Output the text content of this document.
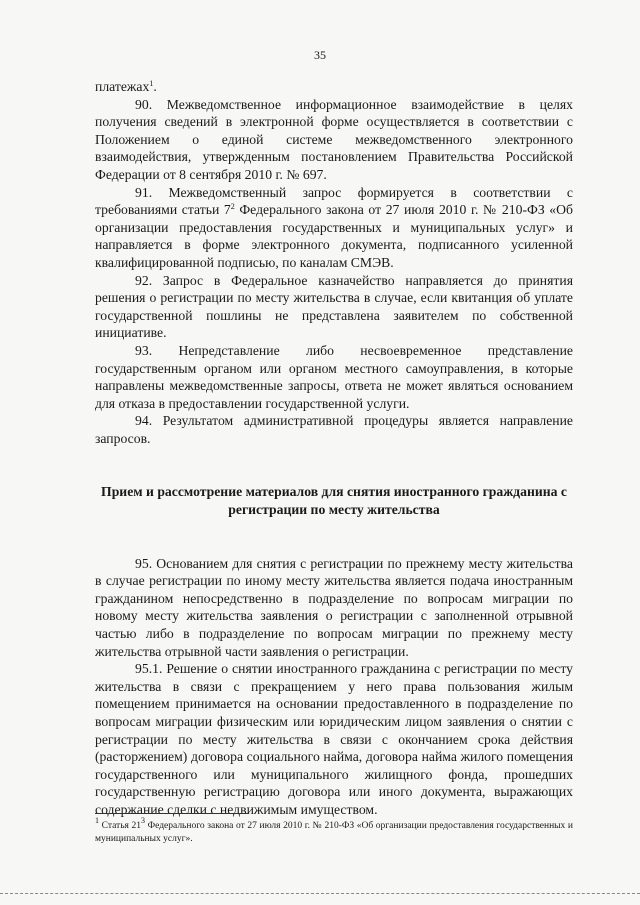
35

платежах$^1$.

90. Межведомственное информационное взаимодействие в целях получения сведений в электронной форме осуществляется в соответствии с Положением о единой системе межведомственного электронного взаимодействия, утвержденным постановлением Правительства Российской Федерации от 8 сентября 2010 г. № 697.

91. Межведомственный запрос формируется в соответствии с требованиями статьи $7^2$ Федерального закона от 27 июля 2010 г. № 210-ФЗ «Об организации предоставления государственных и муниципальных услуг» и направляется в форме электронного документа, подписанного усиленной квалифицированной подписью, по каналам СМЭВ.

92. Запрос в Федеральное казначейство направляется до принятия решения о регистрации по месту жительства в случае, если квитанция об уплате государственной пошлины не представлена заявителем по собственной инициативе.

93. Непредставление либо несвоевременное представление государственным органом или органом местного самоуправления, в которые направлены межведомственные запросы, ответа не может являться основанием для отказа в предоставлении государственной услуги.

94. Результатом административной процедуры является направление запросов.

Прием и рассмотрение материалов для снятия иностранного гражданина с регистрации по месту жительства

95. Основанием для снятия с регистрации по прежнему месту жительства в случае регистрации по иному месту жительства является подача иностранным гражданином непосредственно в подразделение по вопросам миграции по новому месту жительства заявления о регистрации с заполненной отрывной частью либо в подразделение по вопросам миграции по прежнему месту жительства отрывной части заявления о регистрации.

95.1. Решение о снятии иностранного гражданина с регистрации по месту жительства в связи с прекращением у него права пользования жилым помещением принимается на основании предоставленного в подразделение по вопросам миграции физическим или юридическим лицом заявления о снятии с регистрации по месту жительства в связи с окончанием срока действия (расторжением) договора социального найма, договора найма жилого помещения государственного или муниципального жилищного фонда, прошедших государственную регистрацию договора или иного документа, выражающих содержание сделки с недвижимым имуществом.

$^1$ Статья $21^3$ Федерального закона от 27 июля 2010 г. № 210-ФЗ «Об организации предоставления государственных и муниципальных услуг».
